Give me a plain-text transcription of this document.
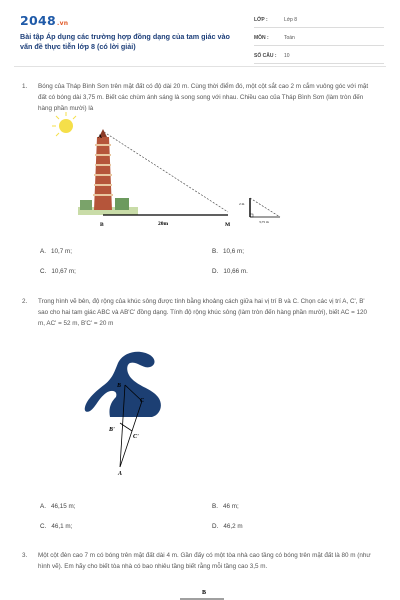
2048.vn
Bài tập Áp dụng các trường hợp đồng dạng của tam giác vào vấn đề thực tiễn lớp 8 (có lời giải)
LỚP :	Lớp 8
MÔN :	Toán
SỐ CÂU :	10
1. Bóng của Tháp Bình Sơn trên mặt đất có độ dài 20 m. Cùng thời điểm đó, một cột sắt cao 2 m cắm vuông góc với mặt đất có bóng dài 3,75 m. Biết các chùm ánh sáng là song song với nhau. Chiều cao của Tháp Bình Sơn (làm tròn đến hàng phần mười) là
A
B	M
20m
2 m
3,75 m
A. 10,7 m;	B. 10,6 m;
C. 10,67 m;	D. 10,66 m.
2. Trong hình vẽ bên, độ rộng của khúc sông được tính bằng khoảng cách giữa hai vị trí B và C. Chọn các vị trí A, C', B' sao cho hai tam giác ABC và AB'C' đồng dạng. Tính độ rộng khúc sông (làm tròn đến hàng phần mười), biết AC = 120 m, AC' = 52 m, B'C' = 20 m
B
C
B'
C'
A
A. 46,15 m;	B. 46 m;
C. 46,1 m;	D. 46,2 m
3. Một cột đèn cao 7 m có bóng trên mặt đất dài 4 m. Gần đấy có một tòa nhà cao tầng có bóng trên mặt đất là 80 m (như hình vẽ). Em hãy cho biết tòa nhà có bao nhiêu tầng biết rằng mỗi tầng cao 3,5 m.
B
